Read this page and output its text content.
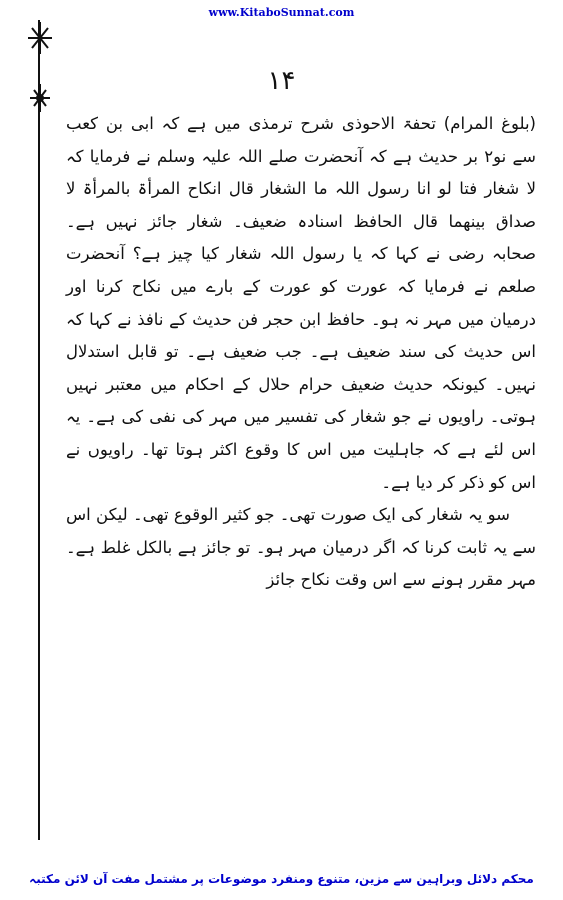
www.KitaboSunnat.com
۱۴

(بلوغ المرام) تحفۃ الاحوذی شرح ترمذی میں ہے کہ ابی بن کعب سے نو۲ بر حدیث ہے کہ آنحضرت صلے اللہ علیہ وسلم نے فرمایا کہ لا شغار فتا لو انا رسول اللہ ما الشغار قال انکاح المرأۃ بالمرأۃ لا صداق بینھما قال الحافظ اسنادہ ضعیف۔ شغار جائز نہیں ہے۔ صحابہ رضی نے کہا کہ یا رسول اللہ شغار کیا چیز ہے؟ آنحضرت صلعم نے فرمایا کہ عورت کو عورت کے بارے میں نکاح کرنا اور درمیان میں مہر نہ ہو۔ حافظ ابن حجر فن حدیث کے نافذ نے کہا کہ اس حدیث کی سند ضعیف ہے۔ جب ضعیف ہے۔ تو قابل استدلال نہیں۔ کیونکہ حدیث ضعیف حرام حلال کے احکام میں معتبر نہیں ہوتی۔ راویوں نے جو شغار کی تفسیر میں مہر کی نفی کی ہے۔ یہ اس لئے ہے کہ جاہلیت میں اس کا وقوع اکثر ہوتا تھا۔ راویوں نے اس کو ذکر کر دیا ہے۔

سو یہ شغار کی ایک صورت تھی۔ جو کثیر الوقوع تھی۔ لیکن اس سے یہ ثابت کرنا کہ اگر درمیان مہر ہو۔ تو جائز ہے بالکل غلط ہے۔ مہر مقرر ہونے سے اس وقت نکاح جائز

محکم دلائل وبراہین سے مزین، متنوع ومنفرد موضوعات پر مشتمل مفت آن لائن مکتبہ
